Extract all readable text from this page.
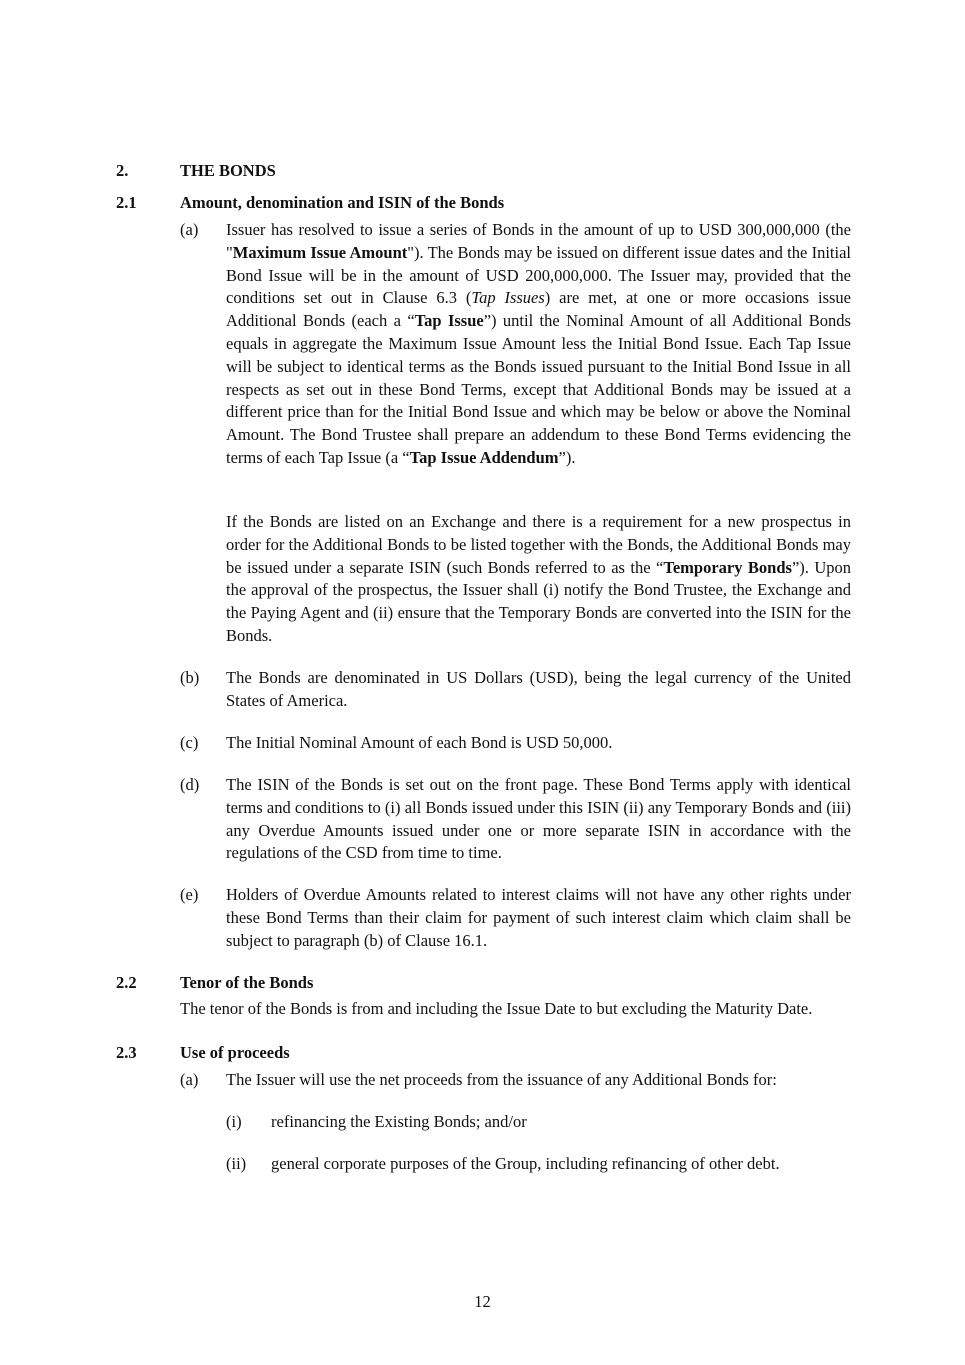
2.	THE BONDS
2.1	Amount, denomination and ISIN of the Bonds
(a) Issuer has resolved to issue a series of Bonds in the amount of up to USD 300,000,000 (the "Maximum Issue Amount"). The Bonds may be issued on different issue dates and the Initial Bond Issue will be in the amount of USD 200,000,000. The Issuer may, provided that the conditions set out in Clause 6.3 (Tap Issues) are met, at one or more occasions issue Additional Bonds (each a “Tap Issue”) until the Nominal Amount of all Additional Bonds equals in aggregate the Maximum Issue Amount less the Initial Bond Issue. Each Tap Issue will be subject to identical terms as the Bonds issued pursuant to the Initial Bond Issue in all respects as set out in these Bond Terms, except that Additional Bonds may be issued at a different price than for the Initial Bond Issue and which may be below or above the Nominal Amount. The Bond Trustee shall prepare an addendum to these Bond Terms evidencing the terms of each Tap Issue (a “Tap Issue Addendum”).
If the Bonds are listed on an Exchange and there is a requirement for a new prospectus in order for the Additional Bonds to be listed together with the Bonds, the Additional Bonds may be issued under a separate ISIN (such Bonds referred to as the “Temporary Bonds”). Upon the approval of the prospectus, the Issuer shall (i) notify the Bond Trustee, the Exchange and the Paying Agent and (ii) ensure that the Temporary Bonds are converted into the ISIN for the Bonds.
(b) The Bonds are denominated in US Dollars (USD), being the legal currency of the United States of America.
(c) The Initial Nominal Amount of each Bond is USD 50,000.
(d) The ISIN of the Bonds is set out on the front page. These Bond Terms apply with identical terms and conditions to (i) all Bonds issued under this ISIN (ii) any Temporary Bonds and (iii) any Overdue Amounts issued under one or more separate ISIN in accordance with the regulations of the CSD from time to time.
(e) Holders of Overdue Amounts related to interest claims will not have any other rights under these Bond Terms than their claim for payment of such interest claim which claim shall be subject to paragraph (b) of Clause 16.1.
2.2	Tenor of the Bonds
The tenor of the Bonds is from and including the Issue Date to but excluding the Maturity Date.
2.3	Use of proceeds
(a) The Issuer will use the net proceeds from the issuance of any Additional Bonds for:
(i) refinancing the Existing Bonds; and/or
(ii) general corporate purposes of the Group, including refinancing of other debt.
12
